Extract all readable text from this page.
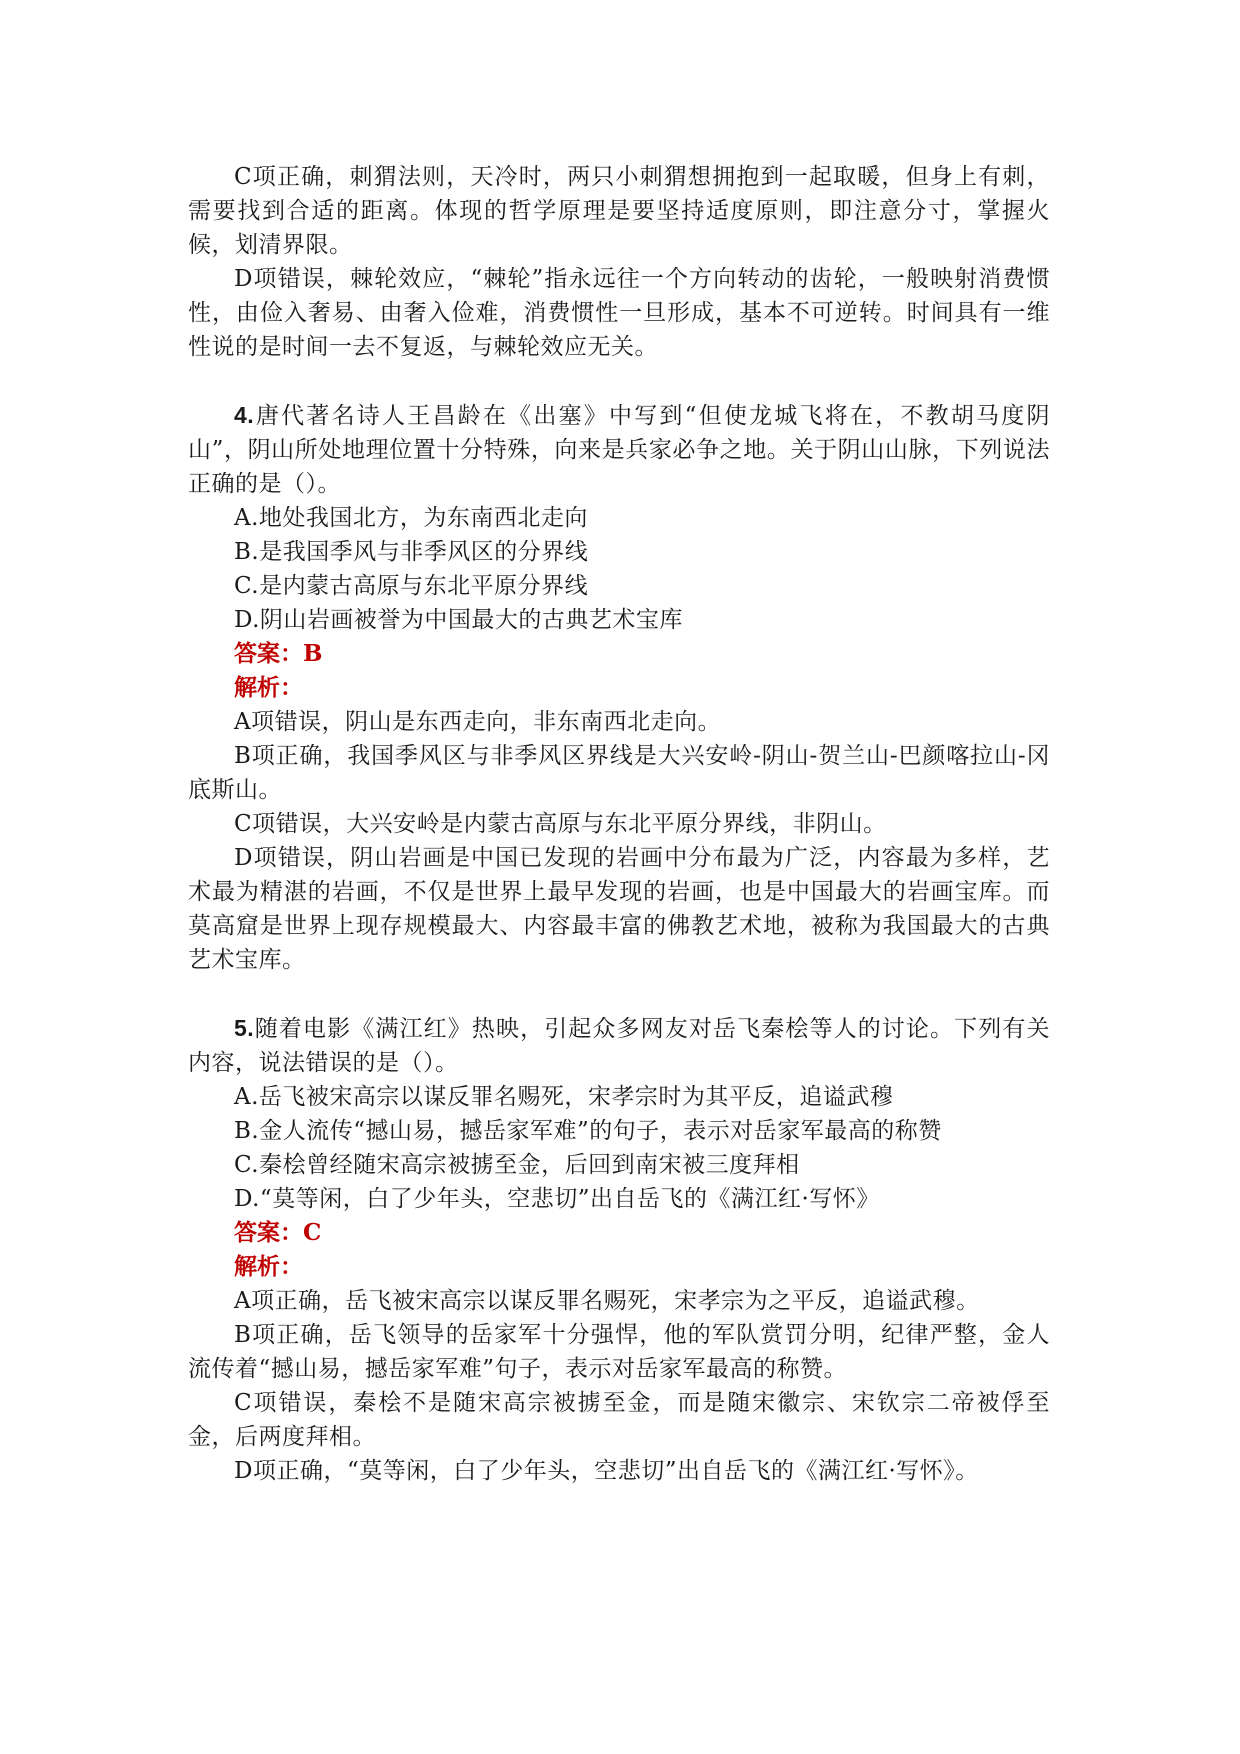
C项正确，刺猬法则，天冷时，两只小刺猬想拥抱到一起取暖，但身上有刺，需要找到合适的距离。体现的哲学原理是要坚持适度原则，即注意分寸，掌握火候，划清界限。

D项错误，棘轮效应，“棘轮”指永远往一个方向转动的齿轮，一般映射消费惯性，由俭入奢易、由奢入俭难，消费惯性一旦形成，基本不可逆转。时间具有一维性说的是时间一去不复返，与棘轮效应无关。

4.唐代著名诗人王昌龄在《出塞》中写到“但使龙城飞将在，不教胡马度阴山”，阴山所处地理位置十分特殊，向来是兵家必争之地。关于阴山山脉，下列说法正确的是（）。

A.地处我国北方，为东南西北走向

B.是我国季风与非季风区的分界线

C.是内蒙古高原与东北平原分界线

D.阴山岩画被誉为中国最大的古典艺术宝库

答案：B

解析：

A项错误，阴山是东西走向，非东南西北走向。

B项正确，我国季风区与非季风区界线是大兴安岭-阴山-贺兰山-巴颜喀拉山-冈底斯山。

C项错误，大兴安岭是内蒙古高原与东北平原分界线，非阴山。

D项错误，阴山岩画是中国已发现的岩画中分布最为广泛，内容最为多样，艺术最为精湛的岩画，不仅是世界上最早发现的岩画，也是中国最大的岩画宝库。而莫高窟是世界上现存规模最大、内容最丰富的佛教艺术地，被称为我国最大的古典艺术宝库。

5.随着电影《满江红》热映，引起众多网友对岳飞秦桧等人的讨论。下列有关内容，说法错误的是（）。

A.岳飞被宋高宗以谋反罪名赐死，宋孝宗时为其平反，追谥武穆

B.金人流传“撼山易，撼岳家军难”的句子，表示对岳家军最高的称赞

C.秦桧曾经随宋高宗被掳至金，后回到南宋被三度拜相

D.“莫等闲，白了少年头，空悲切”出自岳飞的《满江红·写怀》

答案：C

解析：

A项正确，岳飞被宋高宗以谋反罪名赐死，宋孝宗为之平反，追谥武穆。

B项正确，岳飞领导的岳家军十分强悍，他的军队赏罚分明，纪律严整，金人流传着“撼山易，撼岳家军难”句子，表示对岳家军最高的称赞。

C项错误，秦桧不是随宋高宗被掳至金，而是随宋徽宗、宋钦宗二帝被俘至金，后两度拜相。

D项正确，“莫等闲，白了少年头，空悲切”出自岳飞的《满江红·写怀》。
